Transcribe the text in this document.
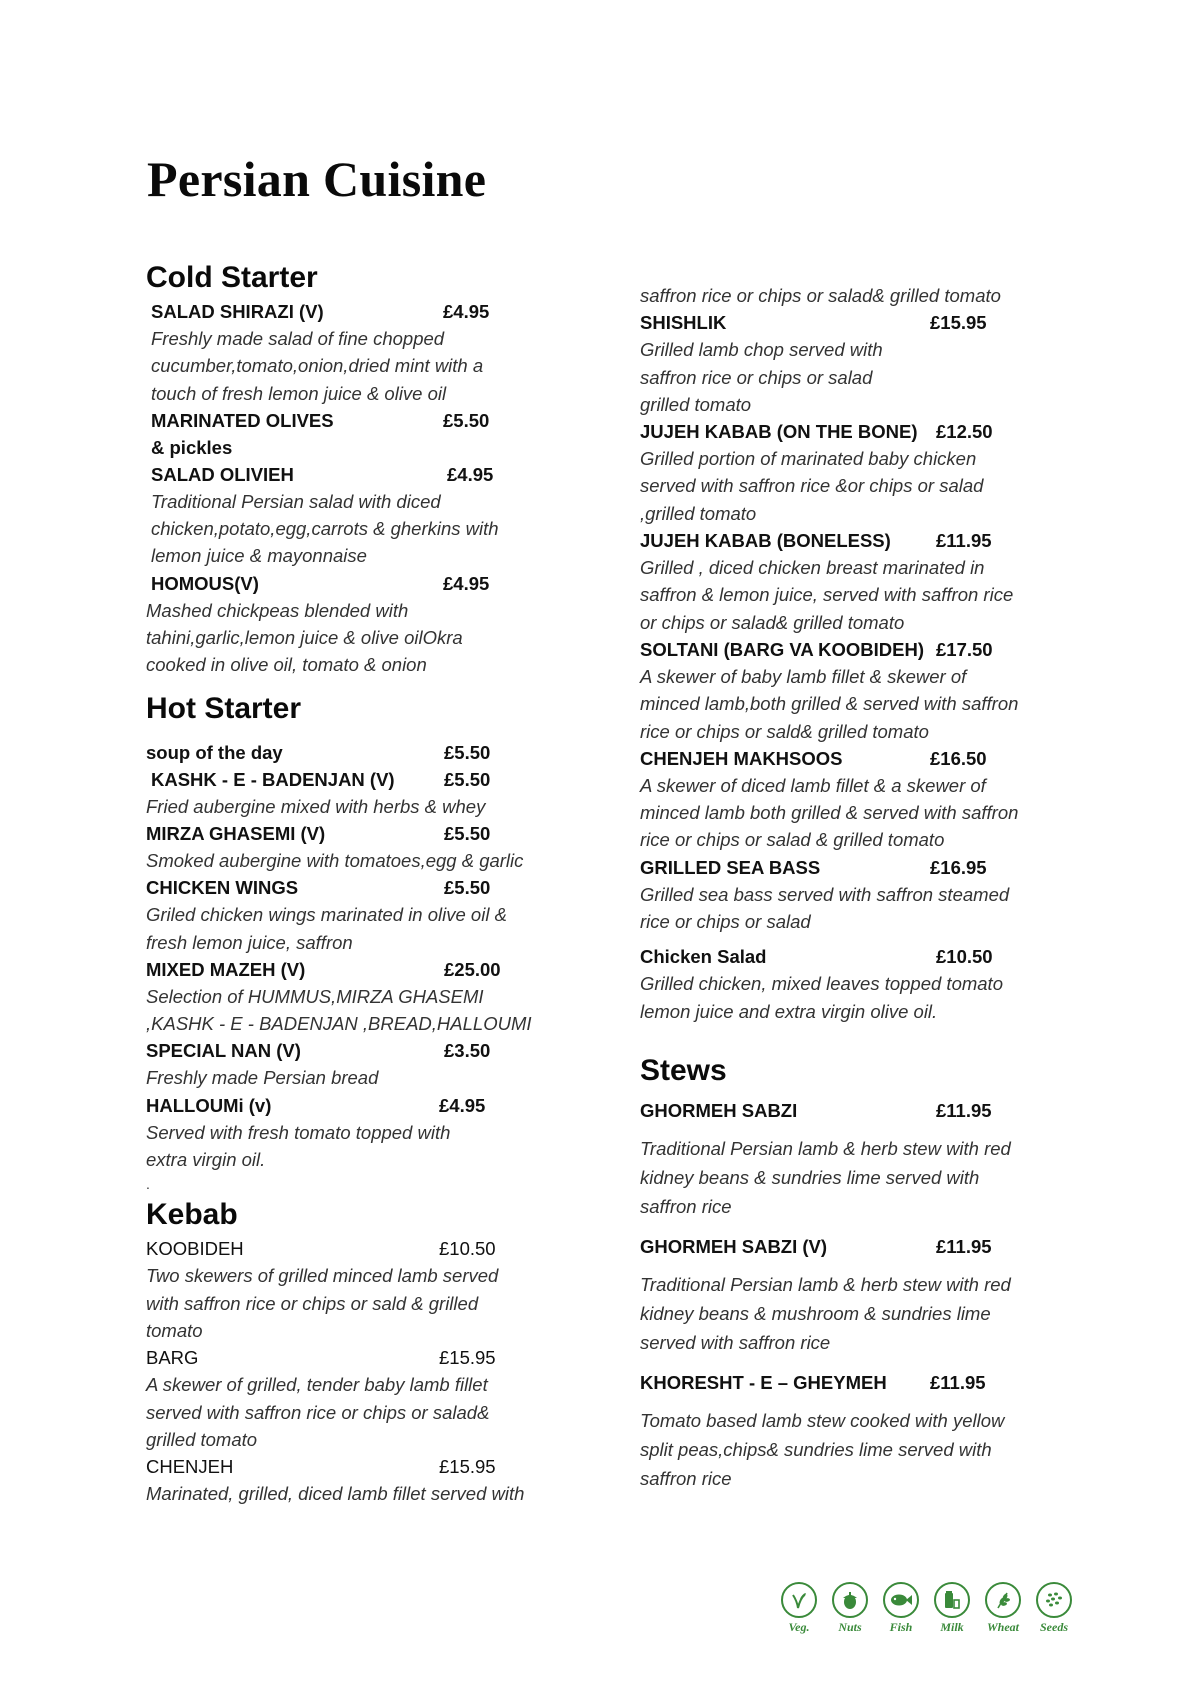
Persian Cuisine
Cold Starter
SALAD SHIRAZI (V)	£4.95

Freshly made salad of fine chopped

cucumber,tomato,onion,dried mint with a

touch of fresh lemon juice & olive oil

MARINATED OLIVES	£5.50
& pickles
SALAD OLIVIEH	£4.95

Traditional Persian salad with diced

chicken,potato,egg,carrots & gherkins with

lemon juice & mayonnaise

HOMOUS(V)	£4.95

Mashed chickpeas blended with

tahini,garlic,lemon juice & olive oilOkra

cooked in olive oil, tomato & onion

Hot Starter
soup of the day	£5.50
KASHK - E - BADENJAN (V)	£5.50

Fried aubergine mixed with herbs & whey

MIRZA GHASEMI (V)	£5.50

Smoked aubergine with tomatoes,egg & garlic

CHICKEN WINGS	£5.50

Griled chicken wings marinated in olive oil &

fresh lemon juice, saffron

MIXED MAZEH (V)	£25.00

Selection of HUMMUS,MIRZA GHASEMI

,KASHK - E - BADENJAN ,BREAD,HALLOUMI

SPECIAL NAN (V)	£3.50

Freshly made Persian bread

HALLOUMi (v)	£4.95

Served with fresh tomato topped with

extra virgin oil.

.
Kebab
KOOBIDEH	£10.50

Two skewers of grilled minced lamb served

with saffron rice or chips or sald & grilled

tomato

BARG	£15.95

A skewer of grilled, tender baby lamb fillet

served with saffron rice or chips or salad&

grilled tomato

CHENJEH	£15.95

Marinated, grilled, diced lamb fillet served with

saffron rice or chips or salad& grilled tomato

SHISHLIK	£15.95

Grilled lamb chop served with

saffron rice or chips or salad

grilled tomato

JUJEH KABAB (ON THE BONE) £12.50

Grilled portion of marinated baby chicken

served with saffron rice &or chips or salad

,grilled tomato

JUJEH KABAB (BONELESS)	£11.95

Grilled , diced chicken breast marinated in

saffron & lemon juice, served with saffron rice

or chips or salad& grilled tomato

SOLTANI (BARG VA KOOBIDEH) £17.50

A skewer of baby lamb fillet & skewer of

minced lamb,both grilled & served with saffron

rice or chips or sald& grilled tomato

CHENJEH MAKHSOOS	£16.50

A skewer of diced lamb fillet & a skewer of

minced lamb both grilled & served with saffron

rice or chips or salad & grilled tomato

GRILLED SEA BASS	£16.95

Grilled sea bass served with saffron steamed

rice or chips or salad

Chicken Salad	£10.50

Grilled chicken, mixed leaves topped tomato

lemon juice and extra virgin olive oil.

Stews
GHORMEH SABZI	£11.95

Traditional Persian lamb & herb stew with red

kidney beans & sundries lime served with

saffron rice

GHORMEH SABZI (V)	£11.95

Traditional Persian lamb & herb stew with red

kidney beans & mushroom & sundries lime

served with saffron rice

KHORESHT - E – GHEYMEH	£11.95

Tomato based lamb stew cooked with yellow

split peas,chips& sundries lime served with

saffron rice

Veg. Nuts Fish Milk Wheat Seeds
